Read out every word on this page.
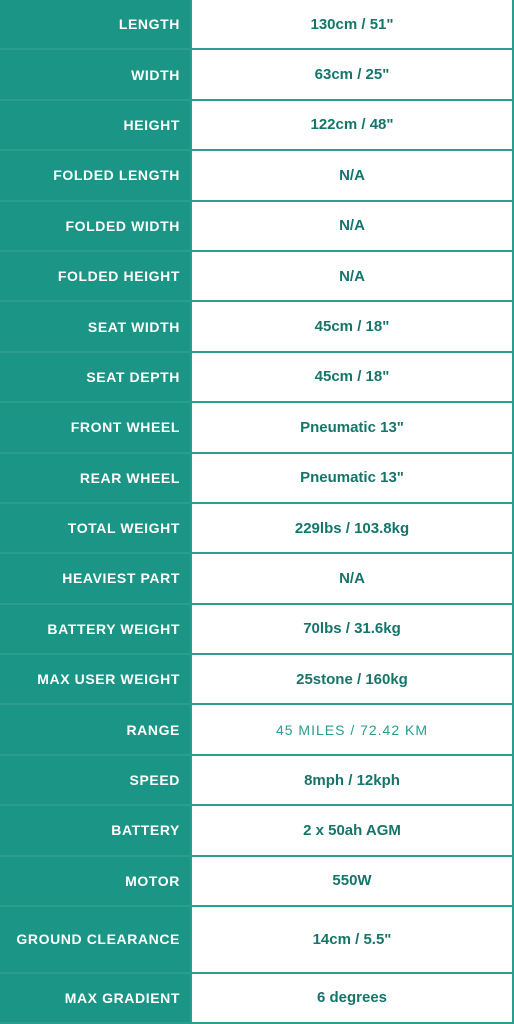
LENGTH	130cm / 51"
WIDTH	63cm / 25"
HEIGHT	122cm / 48"
FOLDED LENGTH	N/A
FOLDED WIDTH	N/A
FOLDED HEIGHT	N/A
SEAT WIDTH	45cm / 18"
SEAT DEPTH	45cm / 18"
FRONT WHEEL	Pneumatic 13"
REAR WHEEL	Pneumatic 13"
TOTAL WEIGHT	229lbs / 103.8kg
HEAVIEST PART	N/A
BATTERY WEIGHT	70lbs / 31.6kg
MAX USER WEIGHT	25stone / 160kg
RANGE	45 MILES / 72.42 KM
SPEED	8mph / 12kph
BATTERY	2 x 50ah AGM
MOTOR	550W
GROUND CLEARANCE	14cm / 5.5"
MAX GRADIENT	6 degrees
